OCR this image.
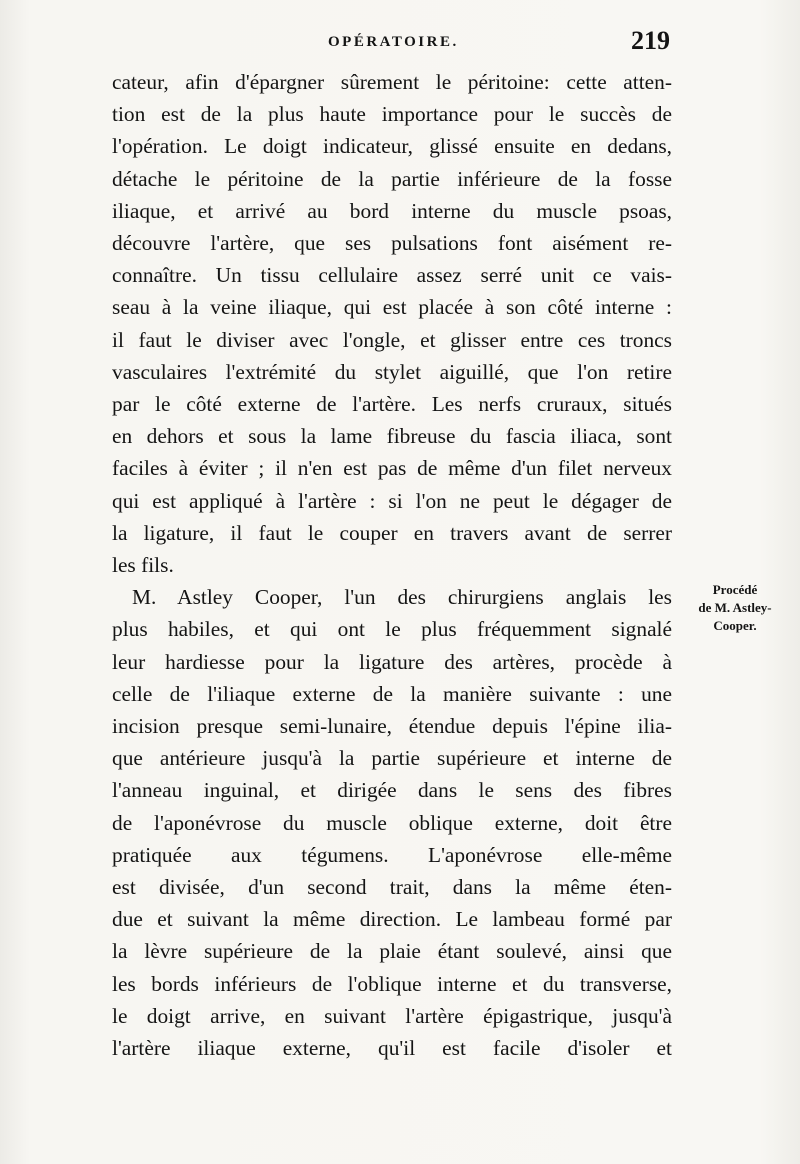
OPÉRATOIRE.	219
cateur, afin d'épargner sûrement le péritoine: cette atten-
tion est de la plus haute importance pour le succès de
l'opération. Le doigt indicateur, glissé ensuite en dedans,
détache le péritoine de la partie inférieure de la fosse
iliaque, et arrivé au bord interne du muscle psoas,
découvre l'artère, que ses pulsations font aisément re-
connaître. Un tissu cellulaire assez serré unit ce vais-
seau à la veine iliaque, qui est placée à son côté interne :
il faut le diviser avec l'ongle, et glisser entre ces troncs
vasculaires l'extrémité du stylet aiguillé, que l'on retire
par le côté externe de l'artère. Les nerfs cruraux, situés
en dehors et sous la lame fibreuse du fascia iliaca, sont
faciles à éviter ; il n'en est pas de même d'un filet nerveux
qui est appliqué à l'artère : si l'on ne peut le dégager de
la ligature, il faut le couper en travers avant de serrer
les fils.
M. Astley Cooper, l'un des chirurgiens anglais les
plus habiles, et qui ont le plus fréquemment signalé
leur hardiesse pour la ligature des artères, procède à
celle de l'iliaque externe de la manière suivante : une
incision presque semi-lunaire, étendue depuis l'épine ilia-
que antérieure jusqu'à la partie supérieure et interne de
l'anneau inguinal, et dirigée dans le sens des fibres
de l'aponévrose du muscle oblique externe, doit être
pratiquée aux tégumens. L'aponévrose elle-même
est divisée, d'un second trait, dans la même éten-
due et suivant la même direction. Le lambeau formé par
la lèvre supérieure de la plaie étant soulevé, ainsi que
les bords inférieurs de l'oblique interne et du transverse,
le doigt arrive, en suivant l'artère épigastrique, jusqu'à
l'artère iliaque externe, qu'il est facile d'isoler et
Procédé
de M. Astley-
Cooper.
